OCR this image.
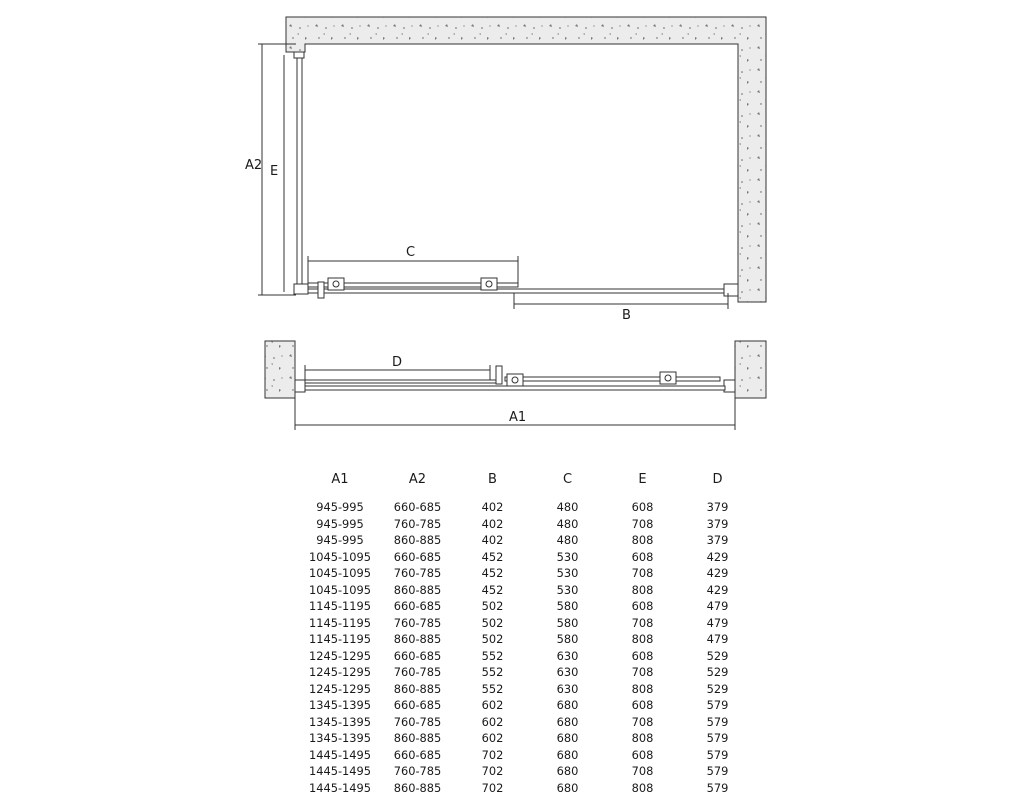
A2 E
C
B
D
A1
A1	A2	B	C	E	D
945-995	660-685	402	480	608	379
945-995	760-785	402	480	708	379
945-995	860-885	402	480	808	379
1045-1095	660-685	452	530	608	429
1045-1095	760-785	452	530	708	429
1045-1095	860-885	452	530	808	429
1145-1195	660-685	502	580	608	479
1145-1195	760-785	502	580	708	479
1145-1195	860-885	502	580	808	479
1245-1295	660-685	552	630	608	529
1245-1295	760-785	552	630	708	529
1245-1295	860-885	552	630	808	529
1345-1395	660-685	602	680	608	579
1345-1395	760-785	602	680	708	579
1345-1395	860-885	602	680	808	579
1445-1495	660-685	702	680	608	579
1445-1495	760-785	702	680	708	579
1445-1495	860-885	702	680	808	579
